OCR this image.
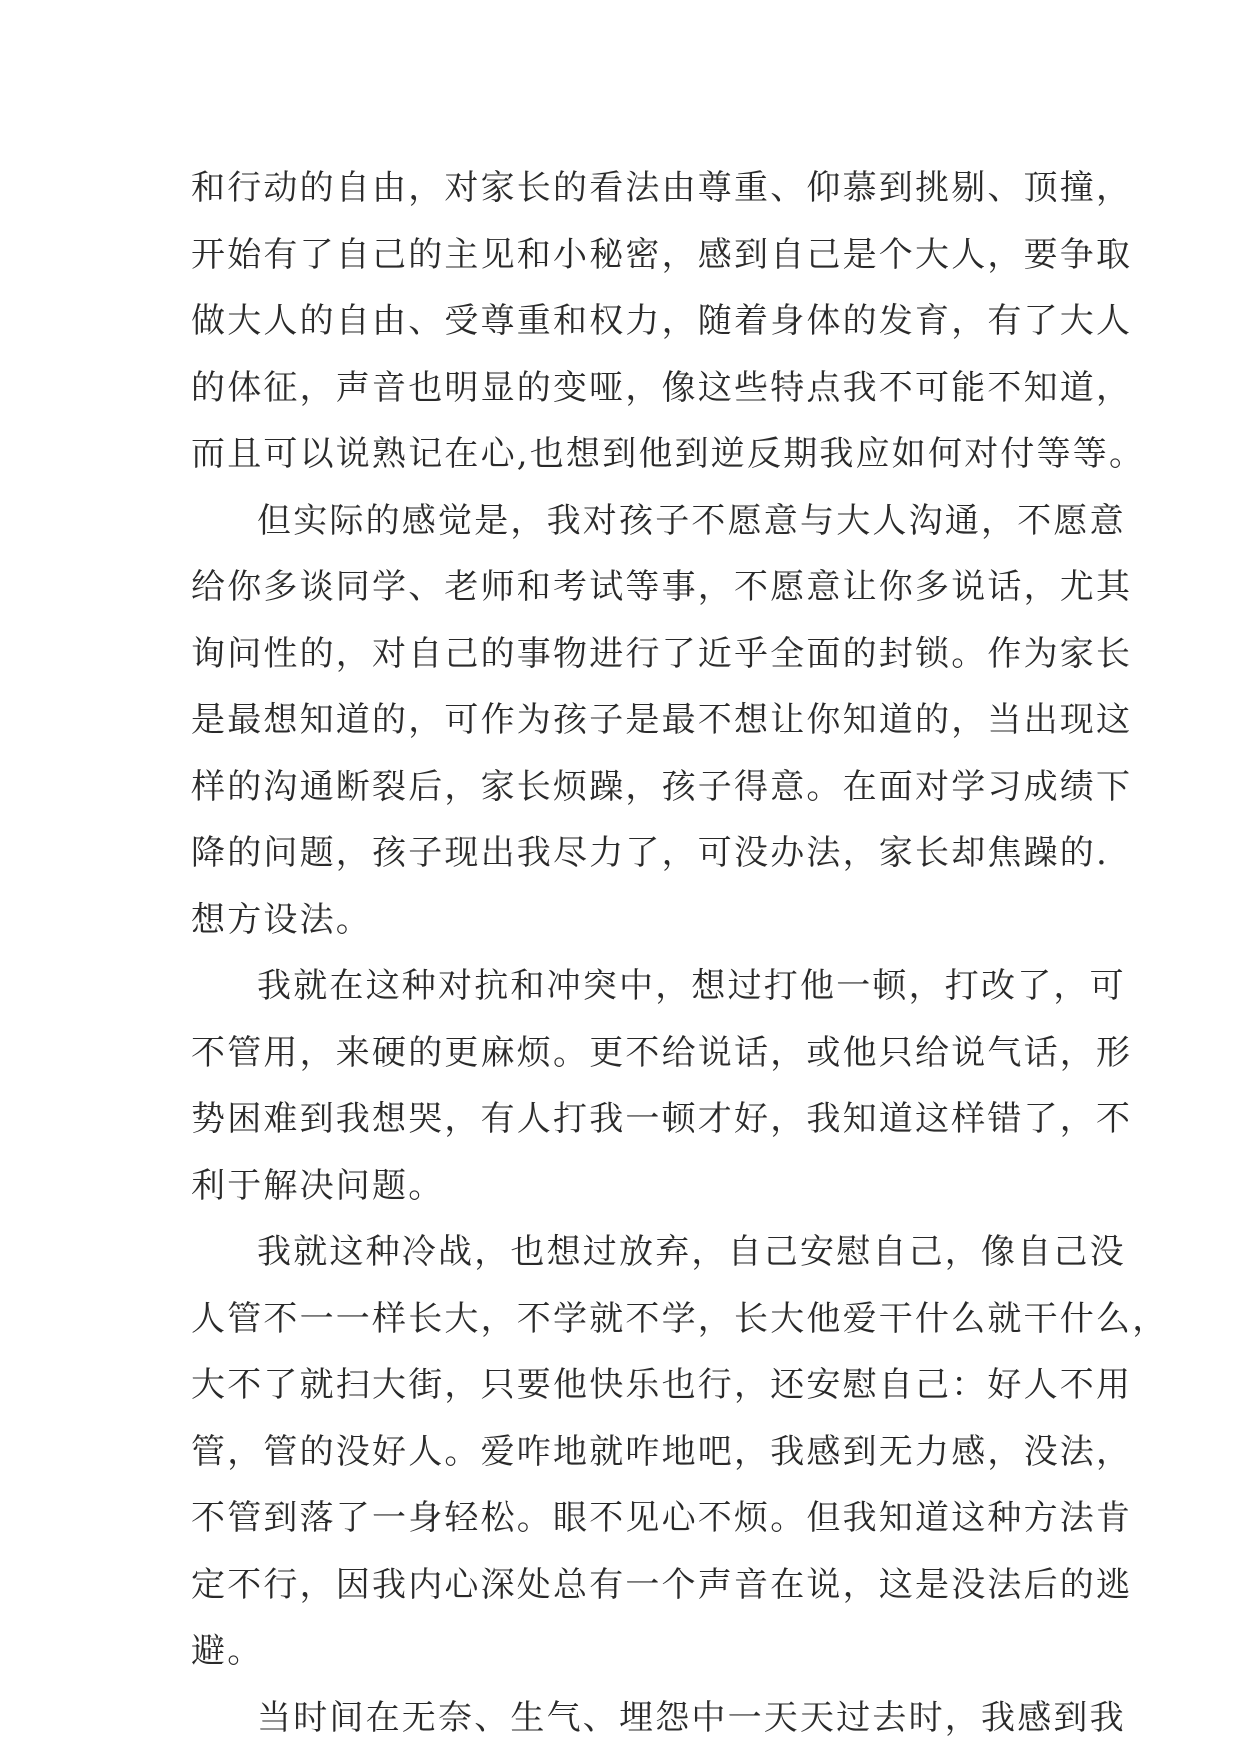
和行动的自由，对家长的看法由尊重、仰慕到挑剔、顶撞，
开始有了自己的主见和小秘密，感到自己是个大人，要争取
做大人的自由、受尊重和权力，随着身体的发育，有了大人
的体征，声音也明显的变哑，像这些特点我不可能不知道，
而且可以说熟记在心,也想到他到逆反期我应如何对付等等。
但实际的感觉是，我对孩子不愿意与大人沟通，不愿意
给你多谈同学、老师和考试等事，不愿意让你多说话，尤其
询问性的，对自己的事物进行了近乎全面的封锁。作为家长
是最想知道的，可作为孩子是最不想让你知道的，当出现这
样的沟通断裂后，家长烦躁，孩子得意。在面对学习成绩下
降的问题，孩子现出我尽力了，可没办法，家长却焦躁的.
想方设法。
我就在这种对抗和冲突中，想过打他一顿，打改了，可
不管用，来硬的更麻烦。更不给说话，或他只给说气话，形
势困难到我想哭，有人打我一顿才好，我知道这样错了，不
利于解决问题。
我就这种冷战，也想过放弃，自己安慰自己，像自己没
人管不一一样长大，不学就不学，长大他爱干什么就干什么，
大不了就扫大街，只要他快乐也行，还安慰自己：好人不用
管，管的没好人。爱咋地就咋地吧，我感到无力感，没法，
不管到落了一身轻松。眼不见心不烦。但我知道这种方法肯
定不行，因我内心深处总有一个声音在说，这是没法后的逃
避。
当时间在无奈、生气、埋怨中一天天过去时，我感到我
